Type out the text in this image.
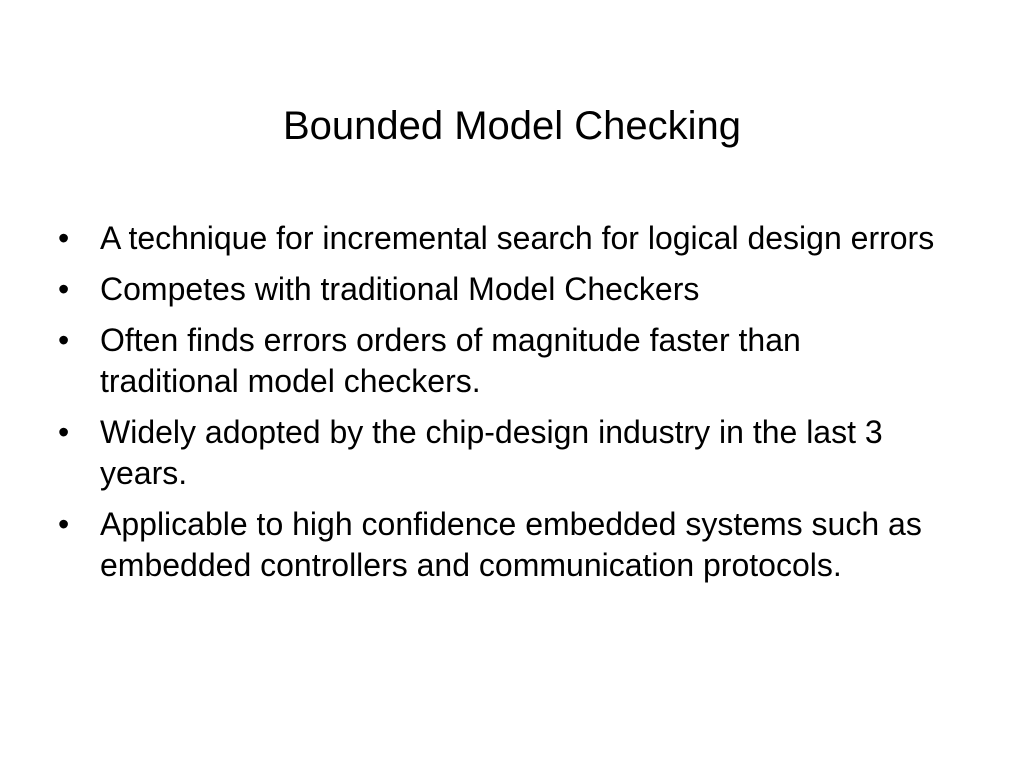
Bounded Model Checking
• A technique for incremental search for logical design errors
• Competes with traditional Model Checkers
• Often finds errors orders of magnitude faster than traditional model checkers.
• Widely adopted by the chip-design industry in the last 3 years.
• Applicable to high confidence embedded systems such as embedded controllers and communication protocols.
